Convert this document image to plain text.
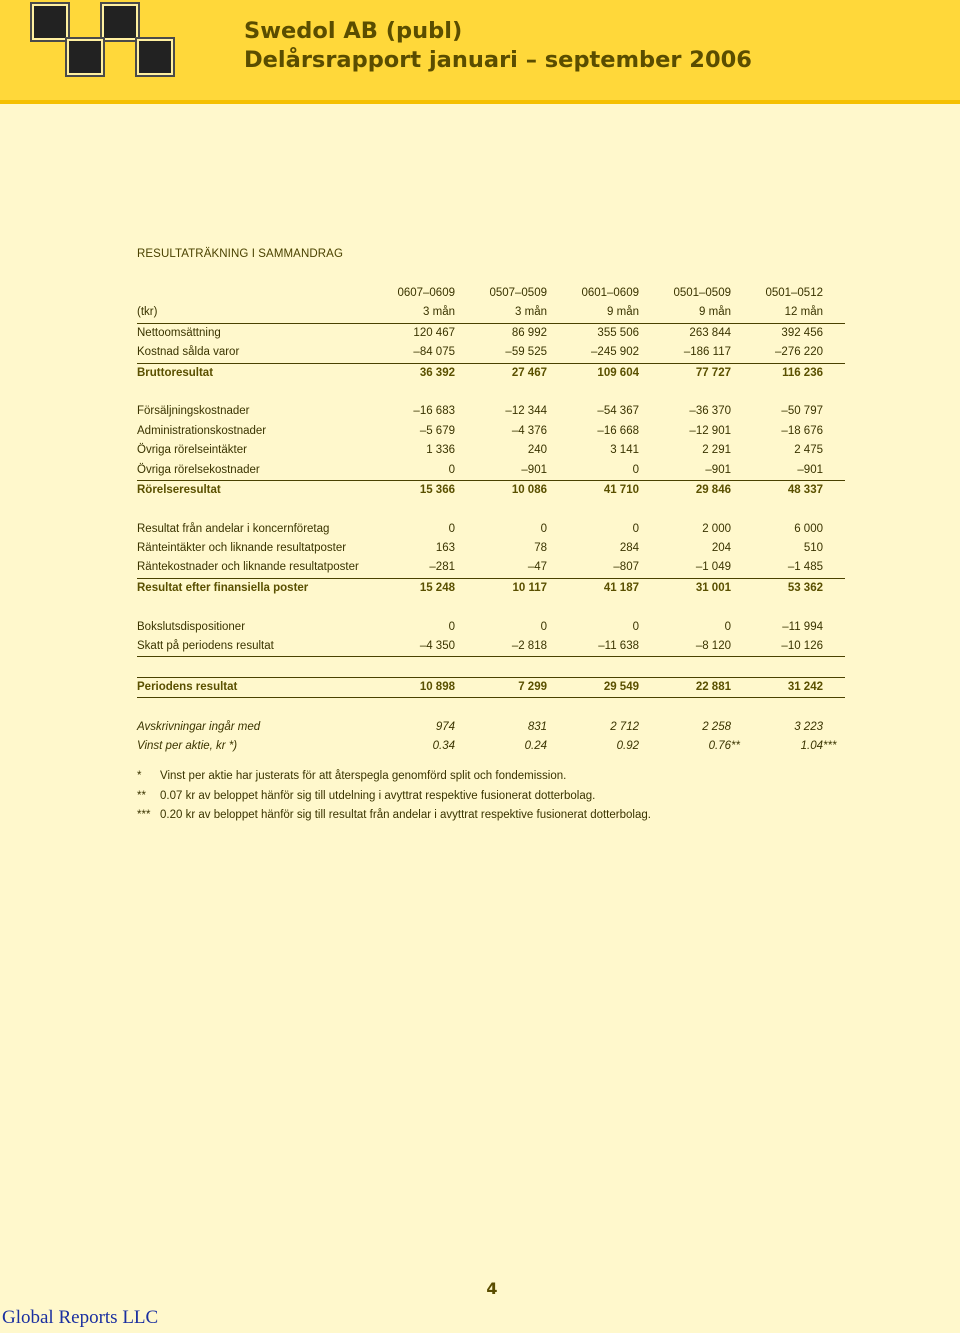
Swedol AB (publ)
Delårsrapport januari – september 2006
RESULTATRÄKNING I SAMMANDRAG
0607–0609	0507–0509	0601–0609	0501–0509	0501–0512
(tkr)	3 mån	3 mån	9 mån	9 mån	12 mån
Nettoomsättning	120 467	86 992	355 506	263 844	392 456
Kostnad sålda varor	–84 075	–59 525	–245 902	–186 117	–276 220
Bruttoresultat	36 392	27 467	109 604	77 727	116 236
Försäljningskostnader	–16 683	–12 344	–54 367	–36 370	–50 797
Administrationskostnader	–5 679	–4 376	–16 668	–12 901	–18 676
Övriga rörelseintäkter	1 336	240	3 141	2 291	2 475
Övriga rörelsekostnader	0	–901	0	–901	–901
Rörelseresultat	15 366	10 086	41 710	29 846	48 337
Resultat från andelar i koncernföretag	0	0	0	2 000	6 000
Ränteintäkter och liknande resultatposter	163	78	284	204	510
Räntekostnader och liknande resultatposter	–281	–47	–807	–1 049	–1 485
Resultat efter finansiella poster	15 248	10 117	41 187	31 001	53 362
Bokslutsdispositioner	0	0	0	0	–11 994
Skatt på periodens resultat	–4 350	–2 818	–11 638	–8 120	–10 126
Periodens resultat	10 898	7 299	29 549	22 881	31 242
Avskrivningar ingår med	974	831	2 712	2 258	3 223
Vinst per aktie, kr *)	0.34	0.24	0.92	0.76**	1.04***
* Vinst per aktie har justerats för att återspegla genomförd split och fondemission.
** 0.07 kr av beloppet hänför sig till utdelning i avyttrat respektive fusionerat dotterbolag.
*** 0.20 kr av beloppet hänför sig till resultat från andelar i avyttrat respektive fusionerat dotterbolag.
4
Global Reports LLC
